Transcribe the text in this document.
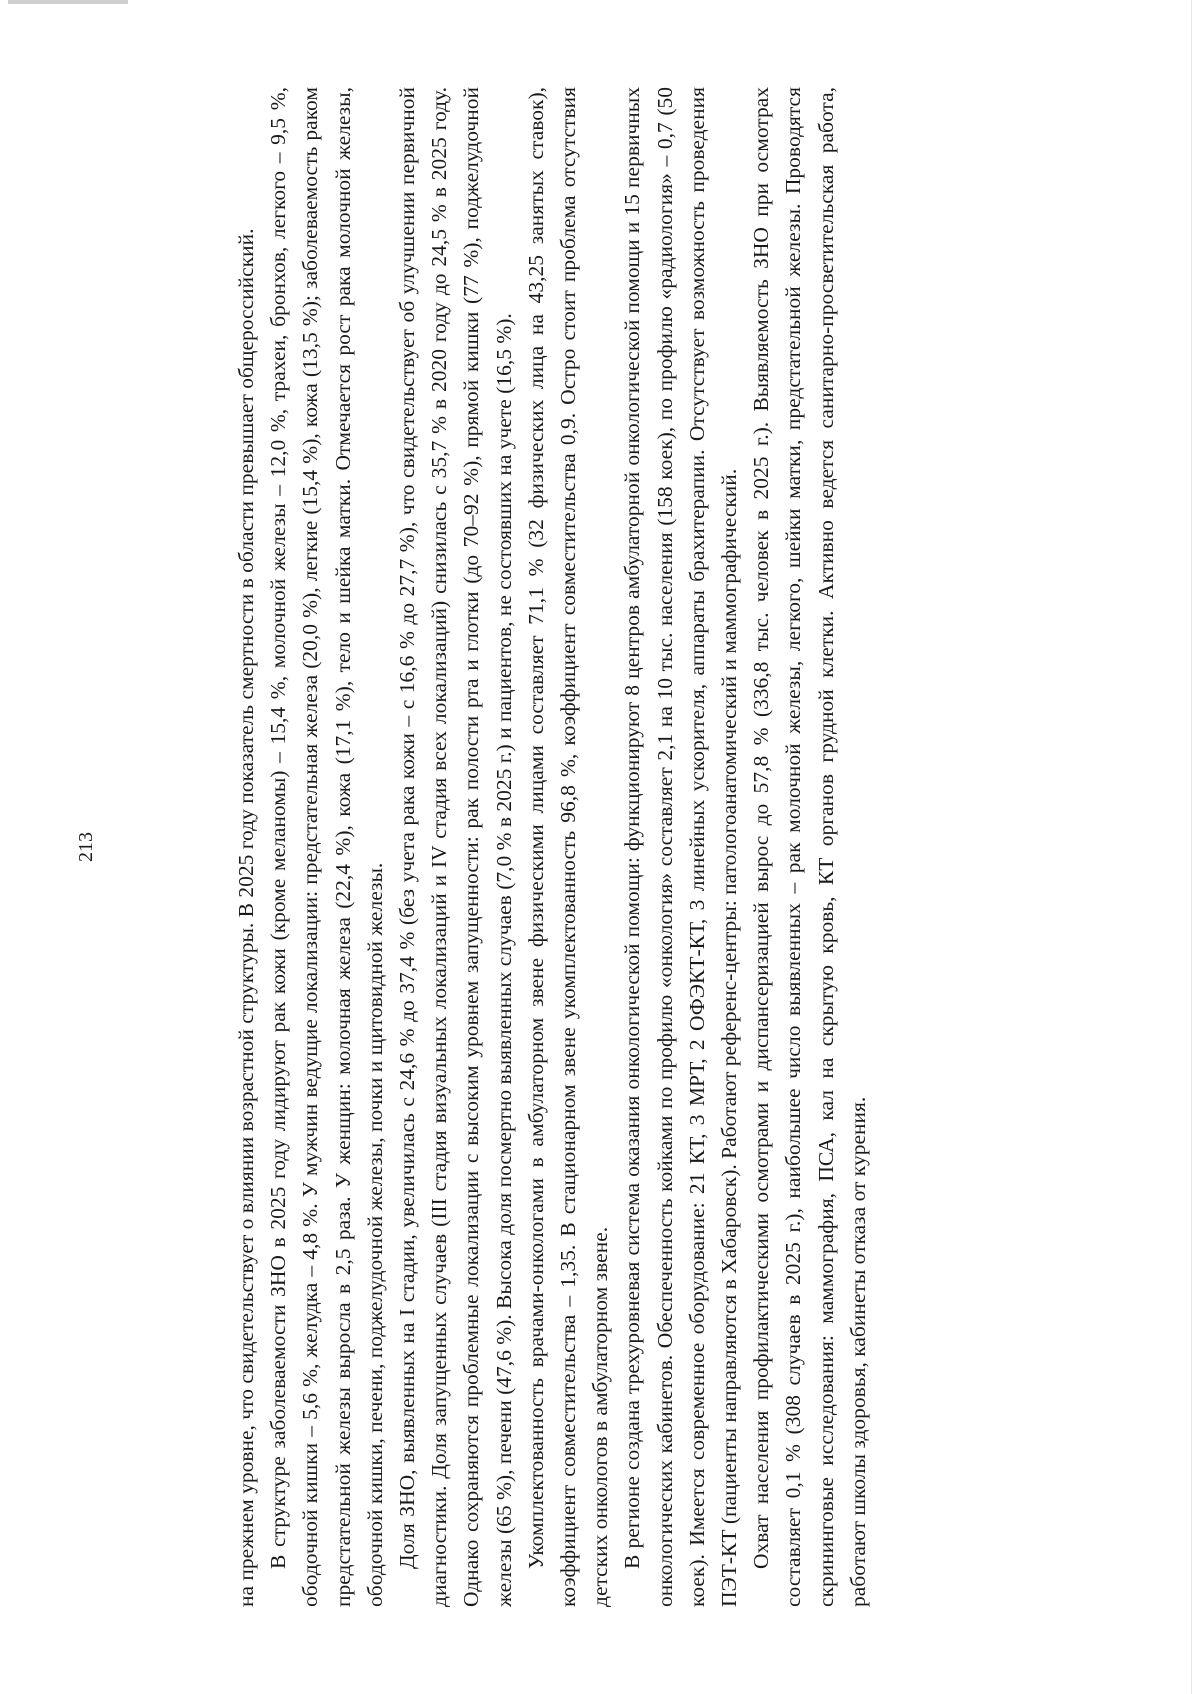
213	на прежнем уровне, что свидетельствует о влиянии возрастной структуры. В 2025 году показатель смертности в области превышает общероссийский. В структуре заболеваемости ЗНО в 2025 году лидируют рак кожи (кроме меланомы) – 15,4 %, молочной железы – 12,0 %, трахеи, бронхов, легкого – 9,5 %, ободочной кишки – 5,6 %, желудка – 4,8 %. У мужчин ведущие локализации: предстательная железа (20,0 %), легкие (15,4 %), кожа (13,5 %); заболеваемость раком предстательной железы выросла в 2,5 раза. У женщин: молочная железа (22,4 %), кожа (17,1 %), тело и шейка матки. Отмечается рост рака молочной железы, ободочной кишки, печени, поджелудочной железы, почки и щитовидной железы. Доля ЗНО, выявленных на I стадии, увеличилась с 24,6 % до 37,4 % (без учета рака кожи – с 16,6 % до 27,7 %), что свидетельствует об улучшении первичной диагностики. Доля запущенных случаев (III стадия визуальных локализаций и IV стадия всех локализаций) снизилась с 35,7 % в 2020 году до 24,5 % в 2025 году. Однако сохраняются проблемные локализации с высоким уровнем запущенности: рак полости рта и глотки (до 70–92 %), прямой кишки (77 %), поджелудочной железы (65 %), печени (47,6 %). Высока доля посмертно выявленных случаев (7,0 % в 2025 г.) и пациентов, не состоявших на учете (16,5 %). Укомплектованность врачами-онкологами в амбулаторном звене физическими лицами составляет 71,1 % (32 физических лица на 43,25 занятых ставок), коэффициент совместительства – 1,35. В стационарном звене укомплектованность 96,8 %, коэффициент совместительства 0,9. Остро стоит проблема отсутствия детских онкологов в амбулаторном звене. В регионе создана трехуровневая система оказания онкологической помощи: функционируют 8 центров амбулаторной онкологической помощи и 15 первичных онкологических кабинетов. Обеспеченность койками по профилю «онкология» составляет 2,1 на 10 тыс. населения (158 коек), по профилю «радиология» – 0,7 (50 коек). Имеется современное оборудование: 21 КТ, 3 МРТ, 2 ОФЭКТ-КТ, 3 линейных ускорителя, аппараты брахитерапии. Отсутствует возможность проведения ПЭТ-КТ (пациенты направляются в Хабаровск). Работают референс-центры: патологоанатомический и маммографический. Охват населения профилактическими осмотрами и диспансеризацией вырос до 57,8 % (336,8 тыс. человек в 2025 г.). Выявляемость ЗНО при осмотрах составляет 0,1 % (308 случаев в 2025 г.), наибольшее число выявленных – рак молочной железы, легкого, шейки матки, предстательной железы. Проводятся скрининговые исследования: маммография, ПСА, кал на скрытую кровь, КТ органов грудной клетки. Активно ведется санитарно-просветительская работа, работают школы здоровья, кабинеты отказа от курения.
